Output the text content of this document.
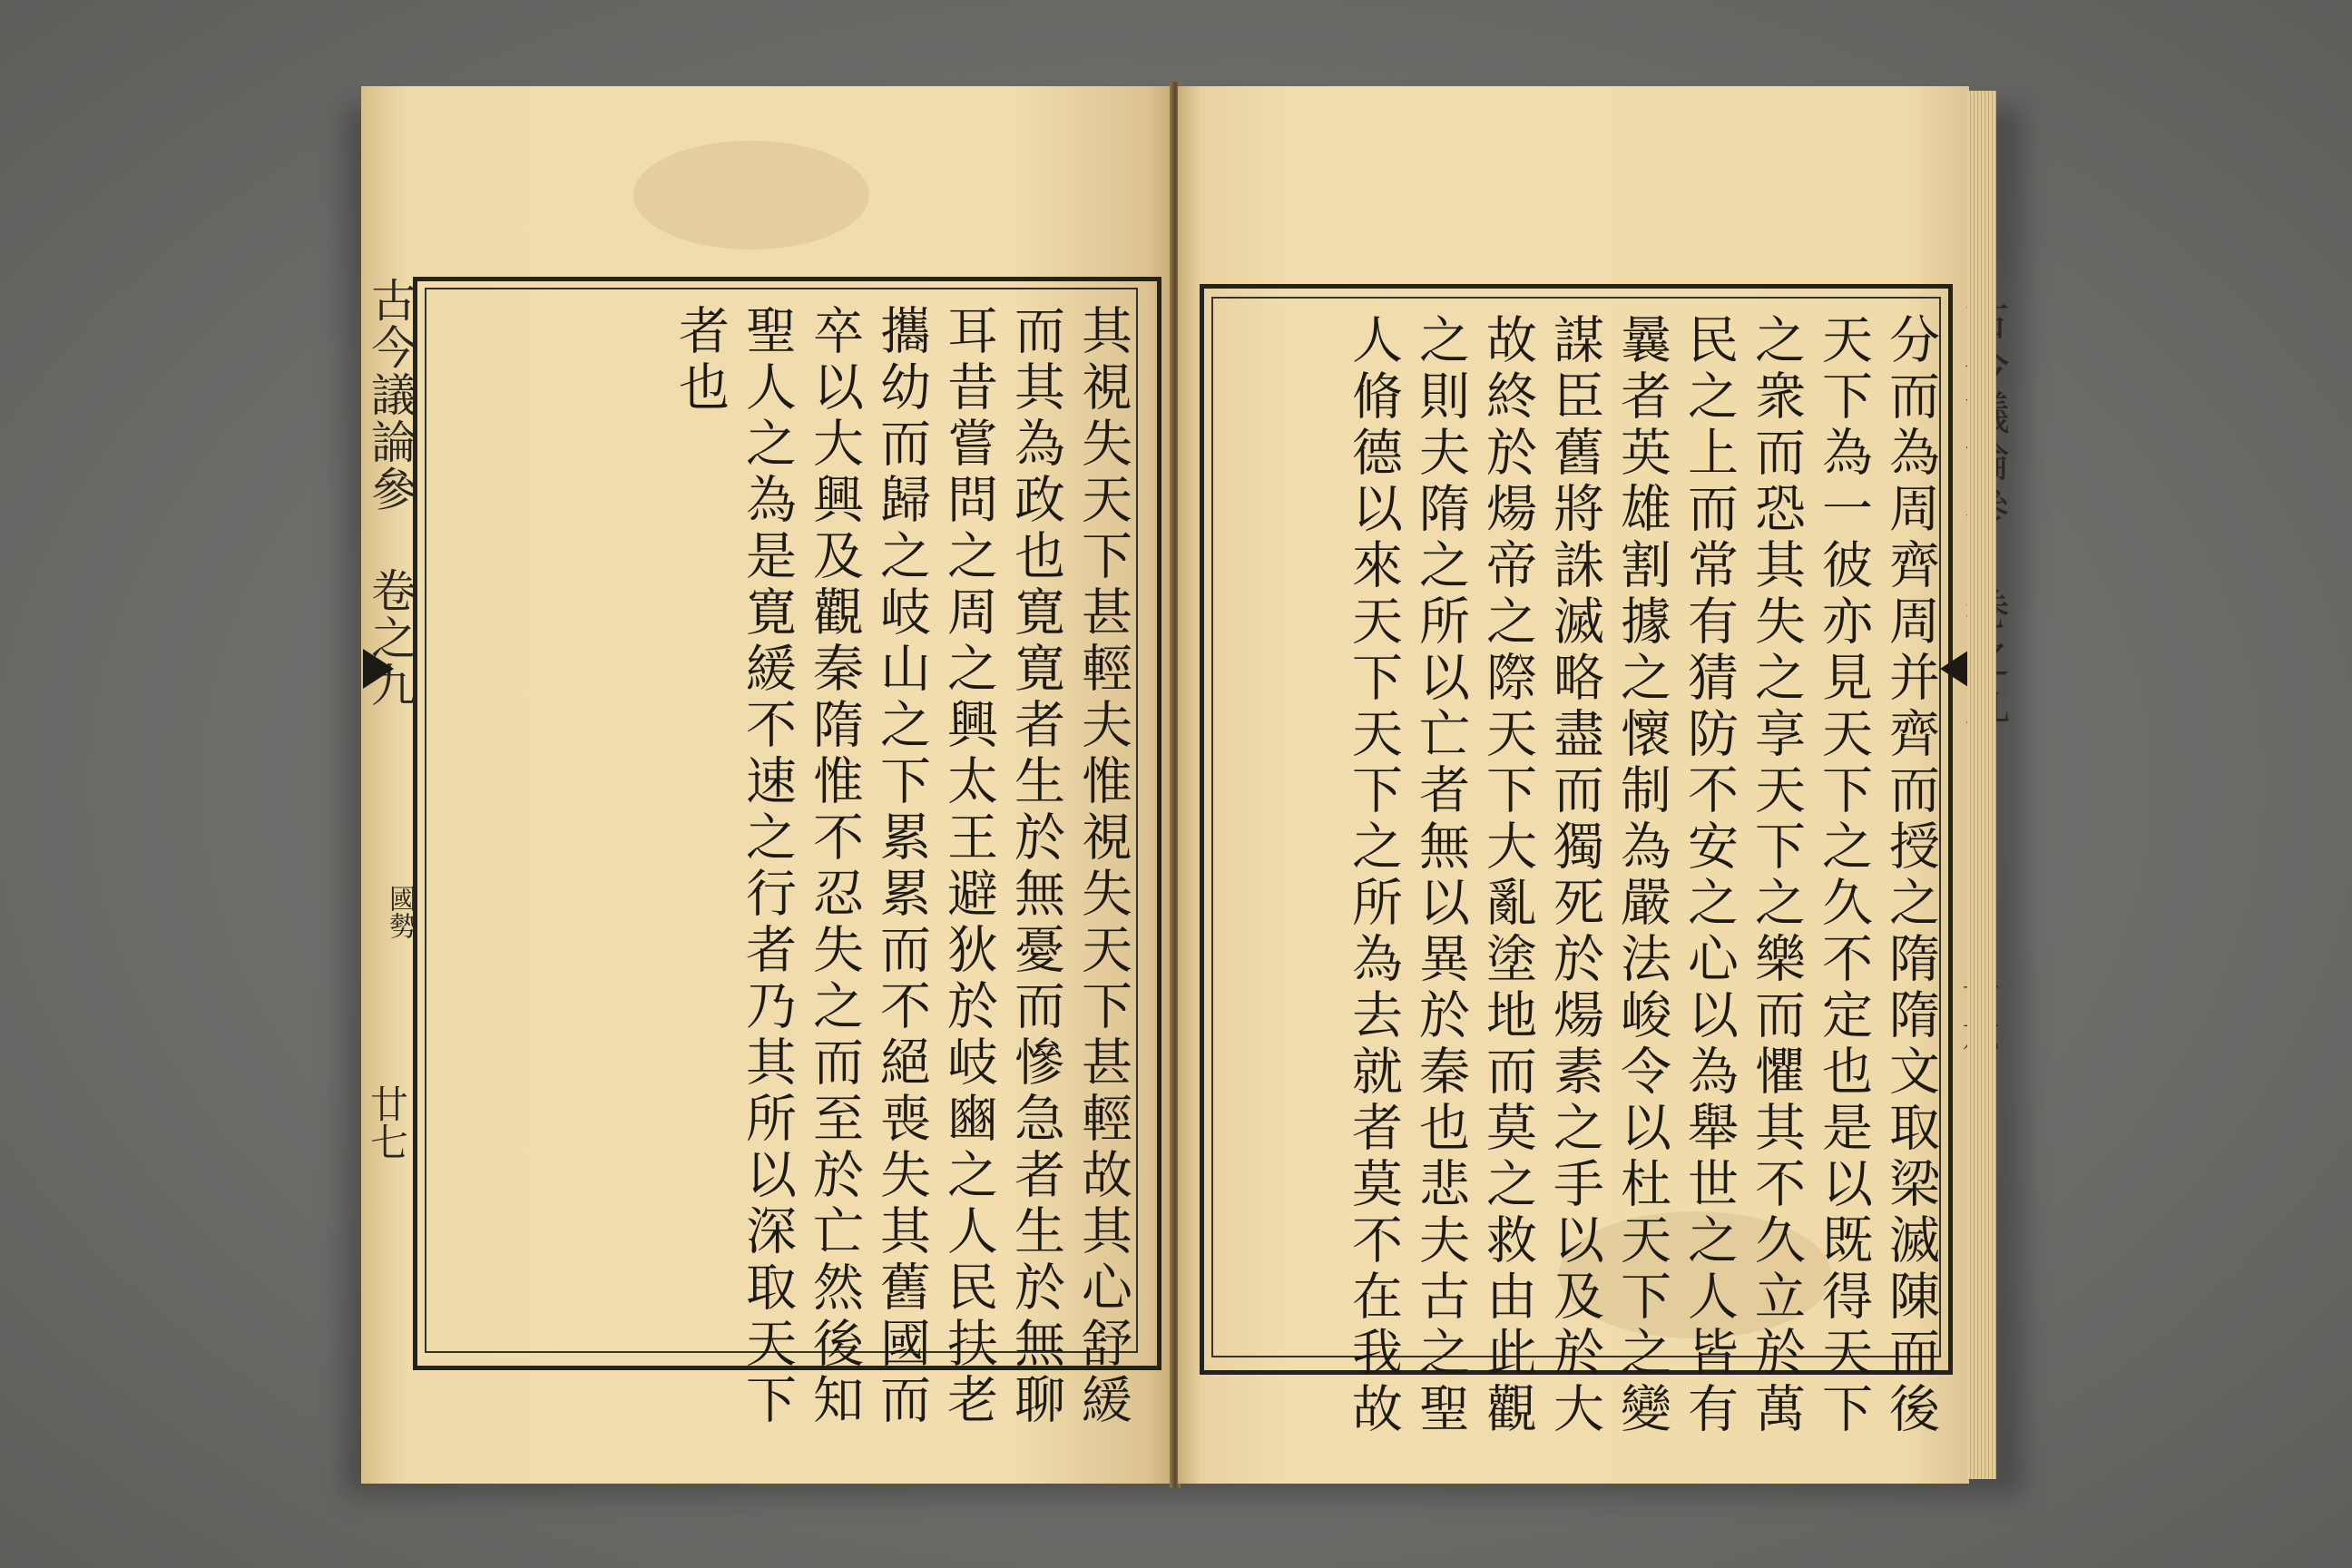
古今議論參卷之九
國勢
廿七	其視失天下甚輕夫惟視失天下甚輕故其心舒緩
而其為政也寛寛者生於無憂而慘急者生於無聊
耳昔嘗問之周之興太王避狄於岐豳之人民扶老
攜幼而歸之岐山之下累累而不絕喪失其舊國而
卒以大興及觀秦隋惟不忍失之而至於亡然後知
聖人之為是寛緩不速之行者乃其所以深取天下
者也	分而為周齊周并齊而授之隋隋文取梁滅陳而後
天下為一彼亦見天下之久不定也是以既得天下
之衆而恐其失之享天下之樂而懼其不久立於萬
民之上而常有猜防不安之心以為舉世之人皆有
曩者英雄割據之懷制為嚴法峻令以杜天下之變
謀臣舊將誅滅略盡而獨死於煬素之手以及於大
故終於煬帝之際天下大亂塗地而莫之救由此觀
之則夫隋之所以亡者無以異於秦也悲夫古之聖
人脩德以來天下天下之所為去就者莫不在我故
